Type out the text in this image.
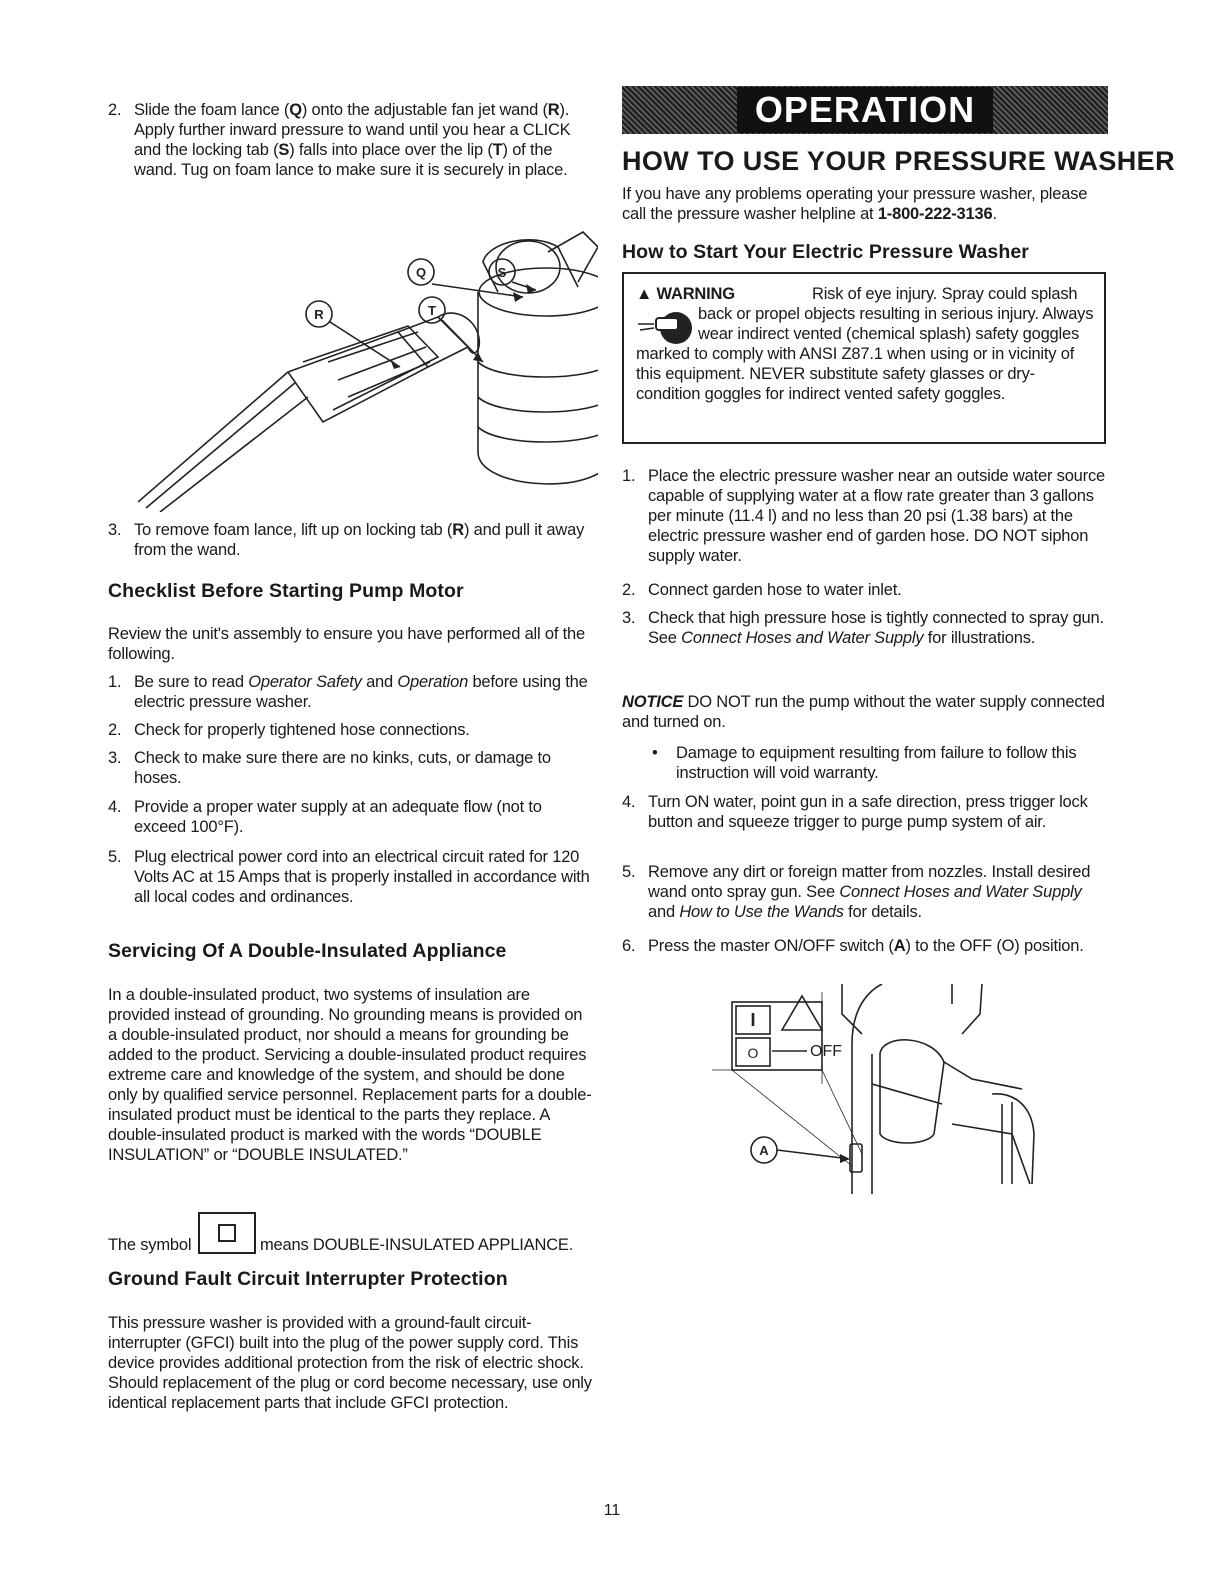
2. Slide the foam lance (Q) onto the adjustable fan jet wand (R). Apply further inward pressure to wand until you hear a CLICK and the locking tab (S) falls into place over the lip (T) of the wand. Tug on foam lance to make sure it is securely in place.
Q	S
R	T
3. To remove foam lance, lift up on locking tab (R) and pull it away from the wand.
Checklist Before Starting Pump Motor

Review the unit's assembly to ensure you have performed all of the following.

1. Be sure to read Operator Safety and Operation before using the electric pressure washer.
2. Check for properly tightened hose connections.
3. Check to make sure there are no kinks, cuts, or damage to hoses.
4. Provide a proper water supply at an adequate flow (not to exceed 100°F).
5. Plug electrical power cord into an electrical circuit rated for 120 Volts AC at 15 Amps that is properly installed in accordance with all local codes and ordinances.
Servicing Of A Double-Insulated Appliance

In a double-insulated product, two systems of insulation are provided instead of grounding. No grounding means is provided on a double-insulated product, nor should a means for grounding be added to the product. Servicing a double-insulated product requires extreme care and knowledge of the system, and should be done only by qualified service personnel. Replacement parts for a double-insulated product must be identical to the parts they replace. A double-insulated product is marked with the words “DOUBLE INSULATION” or “DOUBLE INSULATED.”

The symbol	means DOUBLE-INSULATED APPLIANCE.
Ground Fault Circuit Interrupter Protection

This pressure washer is provided with a ground-fault circuit-interrupter (GFCI) built into the plug of the power supply cord. This device provides additional protection from the risk of electric shock. Should replacement of the plug or cord become necessary, use only identical replacement parts that include GFCI protection.

OPERATION
HOW TO USE YOUR PRESSURE WASHER

If you have any problems operating your pressure washer, please call the pressure washer helpline at 1-800-222-3136.

How to Start Your Electric Pressure Washer
▲ WARNING	Risk of eye injury. Spray could splash back or propel objects resulting in serious injury. Always wear indirect vented (chemical splash) safety goggles marked to comply with ANSI Z87.1 when using or in vicinity of this equipment. NEVER substitute safety glasses or dry-condition goggles for indirect vented safety goggles.
1. Place the electric pressure washer near an outside water source capable of supplying water at a flow rate greater than 3 gallons per minute (11.4 l) and no less than 20 psi (1.38 bars) at the electric pressure washer end of garden hose. DO NOT siphon supply water.
2. Connect garden hose to water inlet.
3. Check that high pressure hose is tightly connected to spray gun. See Connect Hoses and Water Supply for illustrations.

NOTICE DO NOT run the pump without the water supply connected and turned on.

• Damage to equipment resulting from failure to follow this instruction will void warranty.
4. Turn ON water, point gun in a safe direction, press trigger lock button and squeeze trigger to purge pump system of air.
5. Remove any dirt or foreign matter from nozzles. Install desired wand onto spray gun. See Connect Hoses and Water Supply and How to Use the Wands for details.
6. Press the master ON/OFF switch (A) to the OFF (O) position.
I
O	OFF
A
11
